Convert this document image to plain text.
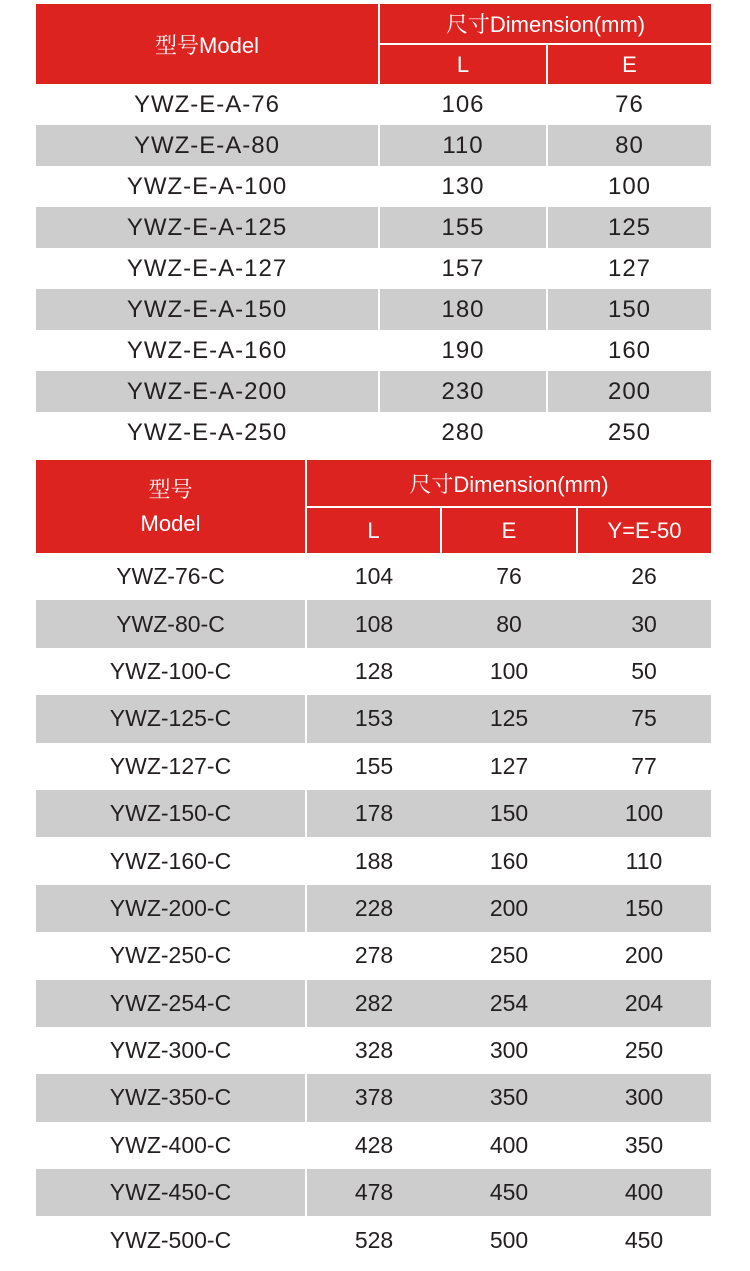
型号Model	尺寸Dimension(mm)	
	L	E
YWZ-E-A-76	106	76
YWZ-E-A-80	110	80
YWZ-E-A-100	130	100
YWZ-E-A-125	155	125
YWZ-E-A-127	157	127
YWZ-E-A-150	180	150
YWZ-E-A-160	190	160
YWZ-E-A-200	230	200
YWZ-E-A-250	280	250
型号
Model	尺寸Dimension(mm)		
	L	E	Y=E-50
YWZ-76-C	104	76	26
YWZ-80-C	108	80	30
YWZ-100-C	128	100	50
YWZ-125-C	153	125	75
YWZ-127-C	155	127	77
YWZ-150-C	178	150	100
YWZ-160-C	188	160	110
YWZ-200-C	228	200	150
YWZ-250-C	278	250	200
YWZ-254-C	282	254	204
YWZ-300-C	328	300	250
YWZ-350-C	378	350	300
YWZ-400-C	428	400	350
YWZ-450-C	478	450	400
YWZ-500-C	528	500	450
